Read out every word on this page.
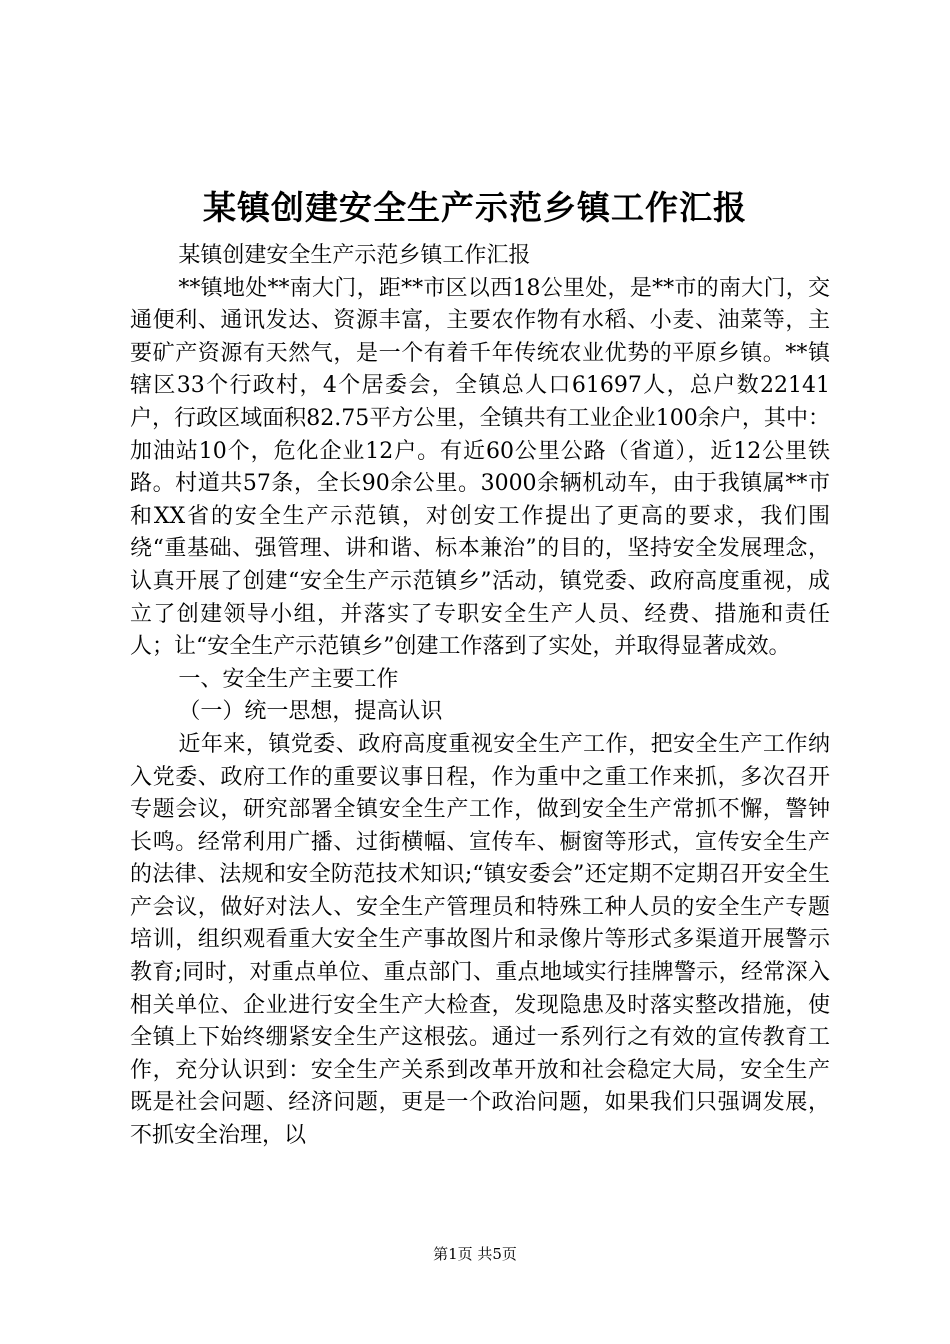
某镇创建安全生产示范乡镇工作汇报

某镇创建安全生产示范乡镇工作汇报

**镇地处**南大门，距**市区以西18公里处，是**市的南大门，交通便利、通讯发达、资源丰富，主要农作物有水稻、小麦、油菜等，主要矿产资源有天然气，是一个有着千年传统农业优势的平原乡镇。**镇辖区33个行政村，4个居委会，全镇总人口61697人，总户数22141户，行政区域面积82.75平方公里，全镇共有工业企业100余户，其中：加油站10个，危化企业12户。有近60公里公路（省道），近12公里铁路。村道共57条，全长90余公里。3000余辆机动车，由于我镇属**市和XX省的安全生产示范镇，对创安工作提出了更高的要求，我们围绕“重基础、强管理、讲和谐、标本兼治”的目的，坚持安全发展理念，认真开展了创建“安全生产示范镇乡”活动，镇党委、政府高度重视，成立了创建领导小组，并落实了专职安全生产人员、经费、措施和责任人；让“安全生产示范镇乡”创建工作落到了实处，并取得显著成效。

一、安全生产主要工作

（一）统一思想，提高认识

近年来，镇党委、政府高度重视安全生产工作，把安全生产工作纳入党委、政府工作的重要议事日程，作为重中之重工作来抓，多次召开专题会议，研究部署全镇安全生产工作，做到安全生产常抓不懈，警钟长鸣。经常利用广播、过街横幅、宣传车、橱窗等形式，宣传安全生产的法律、法规和安全防范技术知识;“镇安委会”还定期不定期召开安全生产会议，做好对法人、安全生产管理员和特殊工种人员的安全生产专题培训，组织观看重大安全生产事故图片和录像片等形式多渠道开展警示教育;同时，对重点单位、重点部门、重点地域实行挂牌警示，经常深入相关单位、企业进行安全生产大检查，发现隐患及时落实整改措施，使全镇上下始终绷紧安全生产这根弦。通过一系列行之有效的宣传教育工作，充分认识到：安全生产关系到改革开放和社会稳定大局，安全生产既是社会问题、经济问题，更是一个政治问题，如果我们只强调发展，不抓安全治理，以

第1页 共5页
